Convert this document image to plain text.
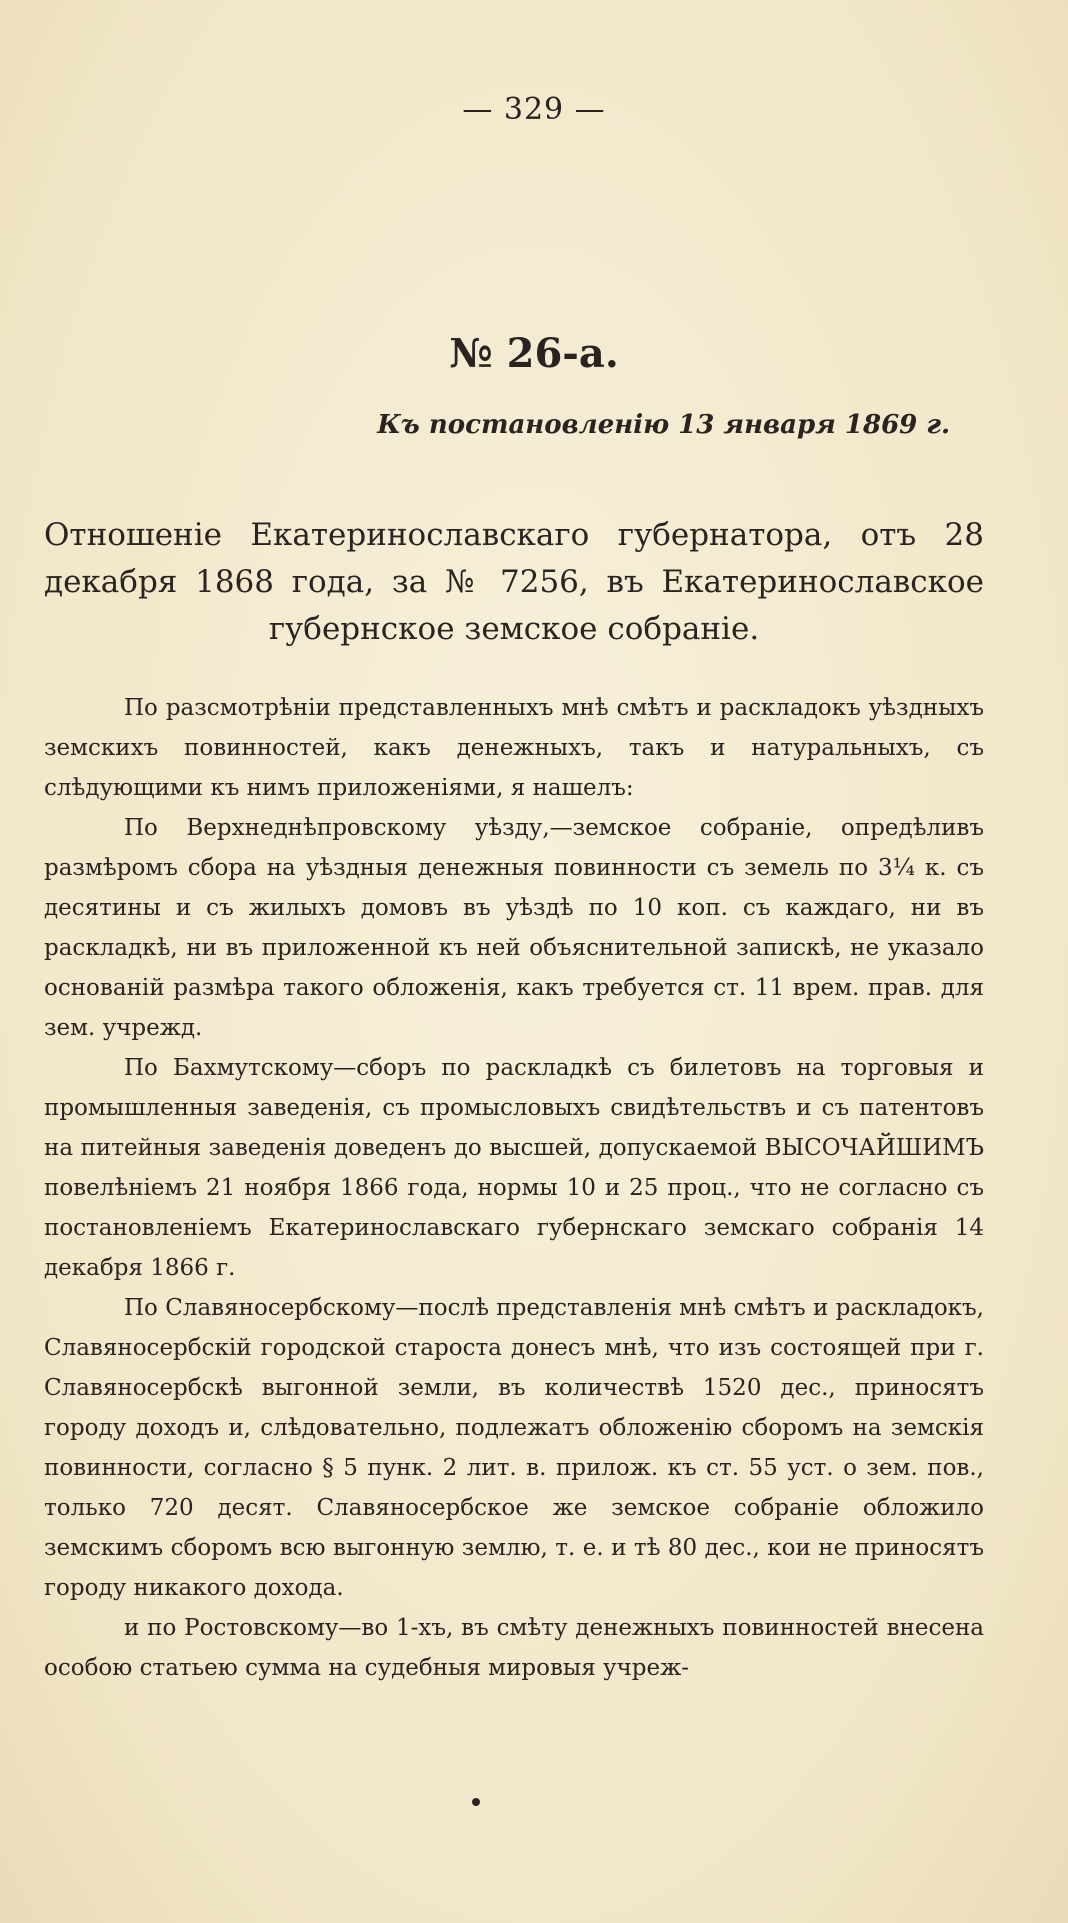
— 329 —
№ 26-а.
Къ постановленію 13 января 1869 г.
Отношеніе Екатеринославскаго губернатора, отъ 28 декабря 1868 года, за № 7256, въ Екатеринославское губернское земское собраніе.

По разсмотрѣніи представленныхъ мнѣ смѣтъ и раскладокъ уѣздныхъ земскихъ повинностей, какъ денежныхъ, такъ и натуральныхъ, съ слѣдующими къ нимъ приложеніями, я нашелъ:

По Верхнеднѣпровскому уѣзду,—земское собраніе, опредѣливъ размѣромъ сбора на уѣздныя денежныя повинности съ земель по 3¼ к. съ десятины и съ жилыхъ домовъ въ уѣздѣ по 10 коп. съ каждаго, ни въ раскладкѣ, ни въ приложенной къ ней объяснительной запискѣ, не указало основаній размѣра такого обложенія, какъ требуется ст. 11 врем. прав. для зем. учрежд.

По Бахмутскому—сборъ по раскладкѣ съ билетовъ на торговыя и промышленныя заведенія, съ промысловыхъ свидѣтельствъ и съ патентовъ на питейныя заведенія доведенъ до высшей, допускаемой ВЫСОЧАЙШИМЪ повелѣніемъ 21 ноября 1866 года, нормы 10 и 25 проц., что не согласно съ постановленіемъ Екатеринославскаго губернскаго земскаго собранія 14 декабря 1866 г.

По Славяносербскому—послѣ представленія мнѣ смѣтъ и раскладокъ, Славяносербскій городской староста донесъ мнѣ, что изъ состоящей при г. Славяносербскѣ выгонной земли, въ количествѣ 1520 дес., приносятъ городу доходъ и, слѣдовательно, подлежатъ обложенію сборомъ на земскія повинности, согласно § 5 пунк. 2 лит. в. прилож. къ ст. 55 уст. о зем. пов., только 720 десят. Славяносербское же земское собраніе обложило земскимъ сборомъ всю выгонную землю, т. е. и тѣ 80 дес., кои не приносятъ городу никакого дохода.

и по Ростовскому—во 1-хъ, въ смѣту денежныхъ повинностей внесена особою статьею сумма на судебныя мировыя учреж-
